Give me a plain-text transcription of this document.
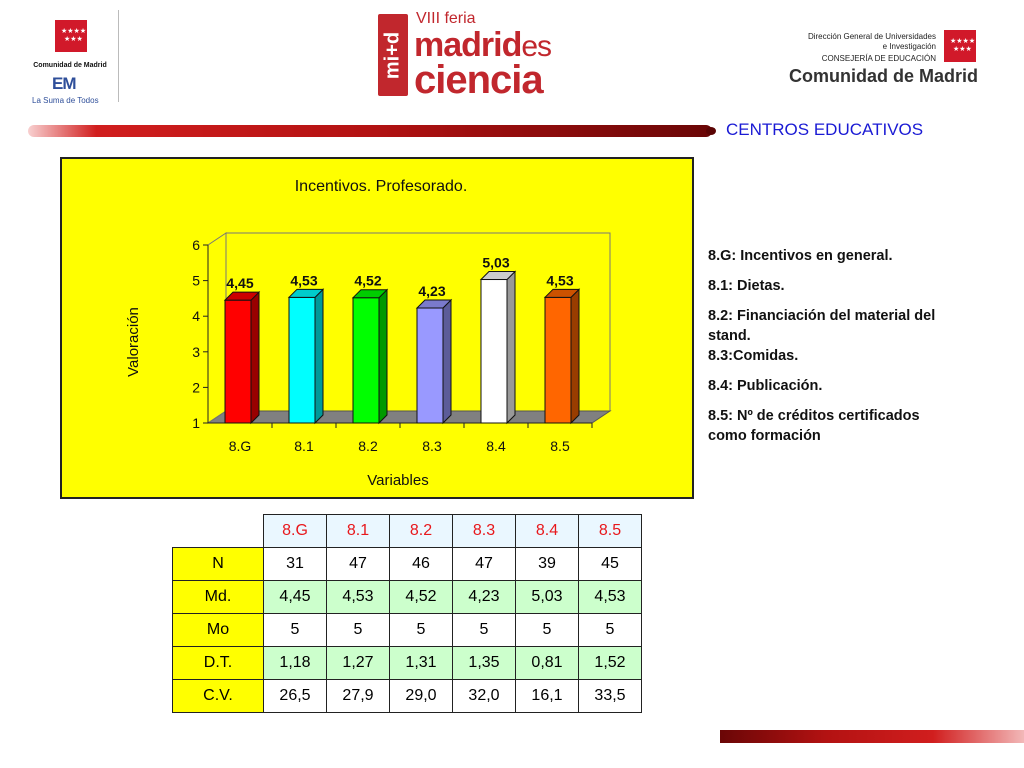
★★★★
★★★
Comunidad de Madrid
EM
La Suma de Todos
mi+d
VIII feria
madrides
ciencia
Dirección General de Universidades
e Investigación
CONSEJERÍA DE EDUCACIÓN
Comunidad de Madrid
★★★★
★★★
CENTROS EDUCATIVOS
Incentivos. Profesorado.
1
2
3
4
5
6
4,45
8.G
4,53
8.1
4,52
8.2
4,23
8.3
5,03
8.4
4,53
8.5
Variables
Valoración
8.G: Incentivos en general.
8.1: Dietas.
8.2: Financiación del material del stand.
8.3:Comidas.
8.4: Publicación.
8.5: Nº de créditos certificados como formación
	8.G	8.1	8.2	8.3	8.4	8.5
N	31	47	46	47	39	45
Md.	4,45	4,53	4,52	4,23	5,03	4,53
Mo	5	5	5	5	5	5
D.T.	1,18	1,27	1,31	1,35	0,81	1,52
C.V.	26,5	27,9	29,0	32,0	16,1	33,5
